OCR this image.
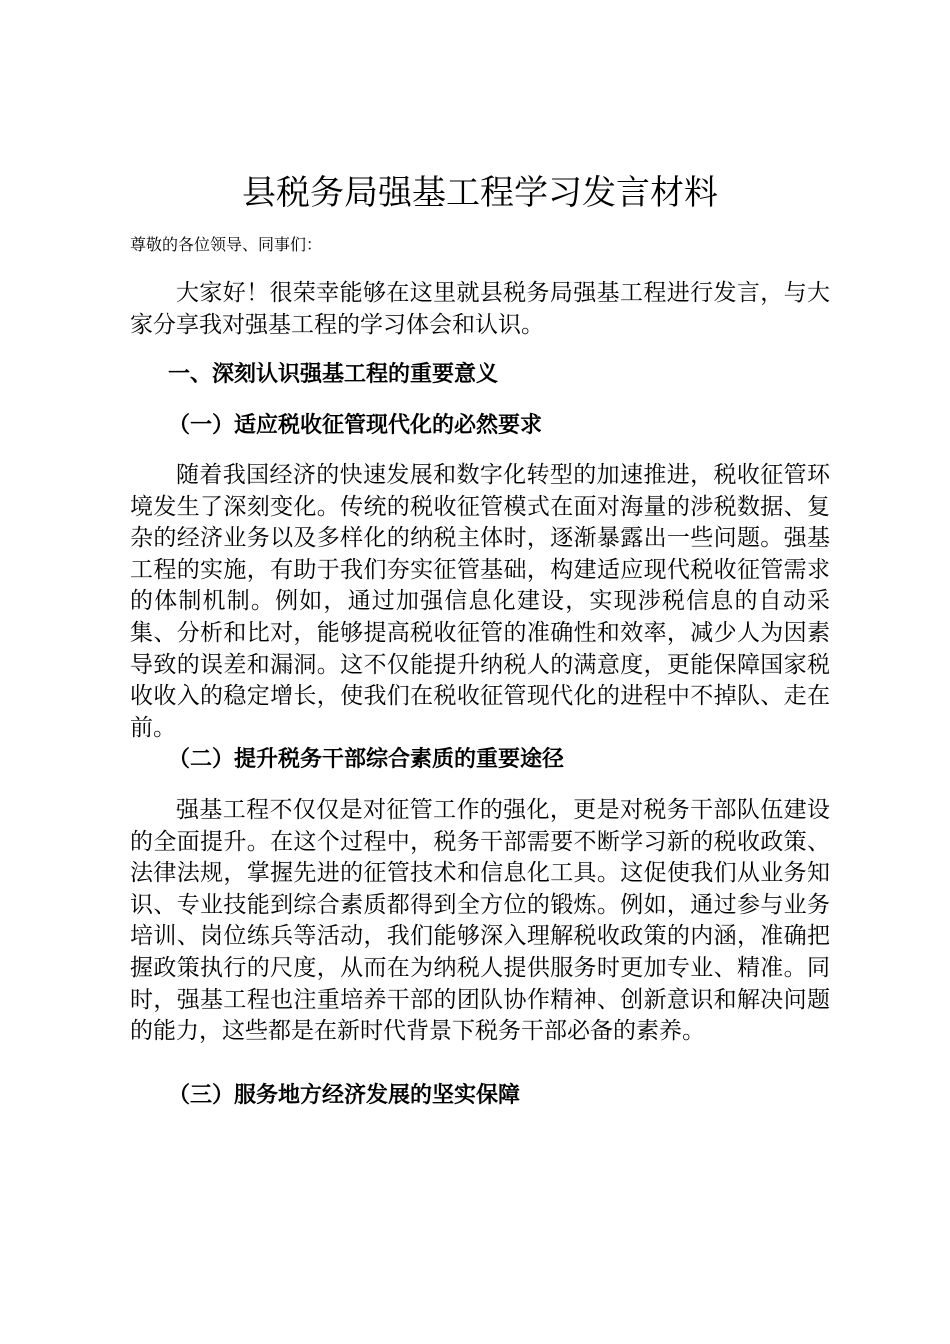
县税务局强基工程学习发言材料

尊敬的各位领导、同事们：

大家好！很荣幸能够在这里就县税务局强基工程进行发言，与大家分享我对强基工程的学习体会和认识。

一、深刻认识强基工程的重要意义
（一）适应税收征管现代化的必然要求

随着我国经济的快速发展和数字化转型的加速推进，税收征管环境发生了深刻变化。传统的税收征管模式在面对海量的涉税数据、复杂的经济业务以及多样化的纳税主体时，逐渐暴露出一些问题。强基工程的实施，有助于我们夯实征管基础，构建适应现代税收征管需求的体制机制。例如，通过加强信息化建设，实现涉税信息的自动采集、分析和比对，能够提高税收征管的准确性和效率，减少人为因素导致的误差和漏洞。这不仅能提升纳税人的满意度，更能保障国家税收收入的稳定增长，使我们在税收征管现代化的进程中不掉队、走在前。

（二）提升税务干部综合素质的重要途径

强基工程不仅仅是对征管工作的强化，更是对税务干部队伍建设的全面提升。在这个过程中，税务干部需要不断学习新的税收政策、法律法规，掌握先进的征管技术和信息化工具。这促使我们从业务知识、专业技能到综合素质都得到全方位的锻炼。例如，通过参与业务培训、岗位练兵等活动，我们能够深入理解税收政策的内涵，准确把握政策执行的尺度，从而在为纳税人提供服务时更加专业、精准。同时，强基工程也注重培养干部的团队协作精神、创新意识和解决问题的能力，这些都是在新时代背景下税务干部必备的素养。

（三）服务地方经济发展的坚实保障
